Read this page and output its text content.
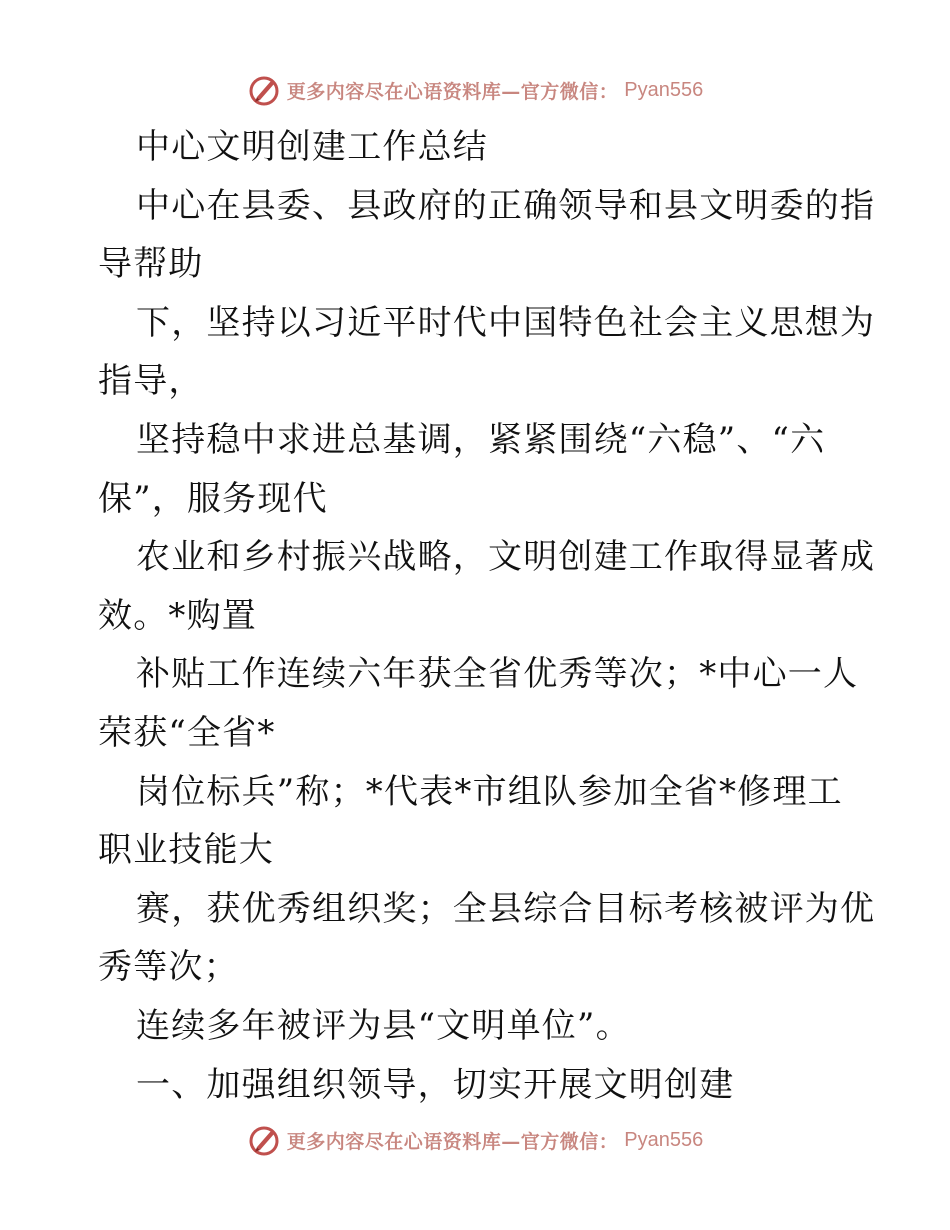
更多内容尽在心语资料库—官方微信： Pyan556
中心文明创建工作总结
中心在县委、县政府的正确领导和县文明委的指
导帮助
下，坚持以习近平时代中国特色社会主义思想为
指导，
坚持稳中求进总基调，紧紧围绕“六稳”、“六
保”，服务现代
农业和乡村振兴战略，文明创建工作取得显著成
效。*购置
补贴工作连续六年获全省优秀等次；*中心一人
荣获“全省*
岗位标兵”称；*代表*市组队参加全省*修理工
职业技能大
赛，获优秀组织奖；全县综合目标考核被评为优
秀等次；
连续多年被评为县“文明单位”。
一、加强组织领导，切实开展文明创建
更多内容尽在心语资料库—官方微信： Pyan556
